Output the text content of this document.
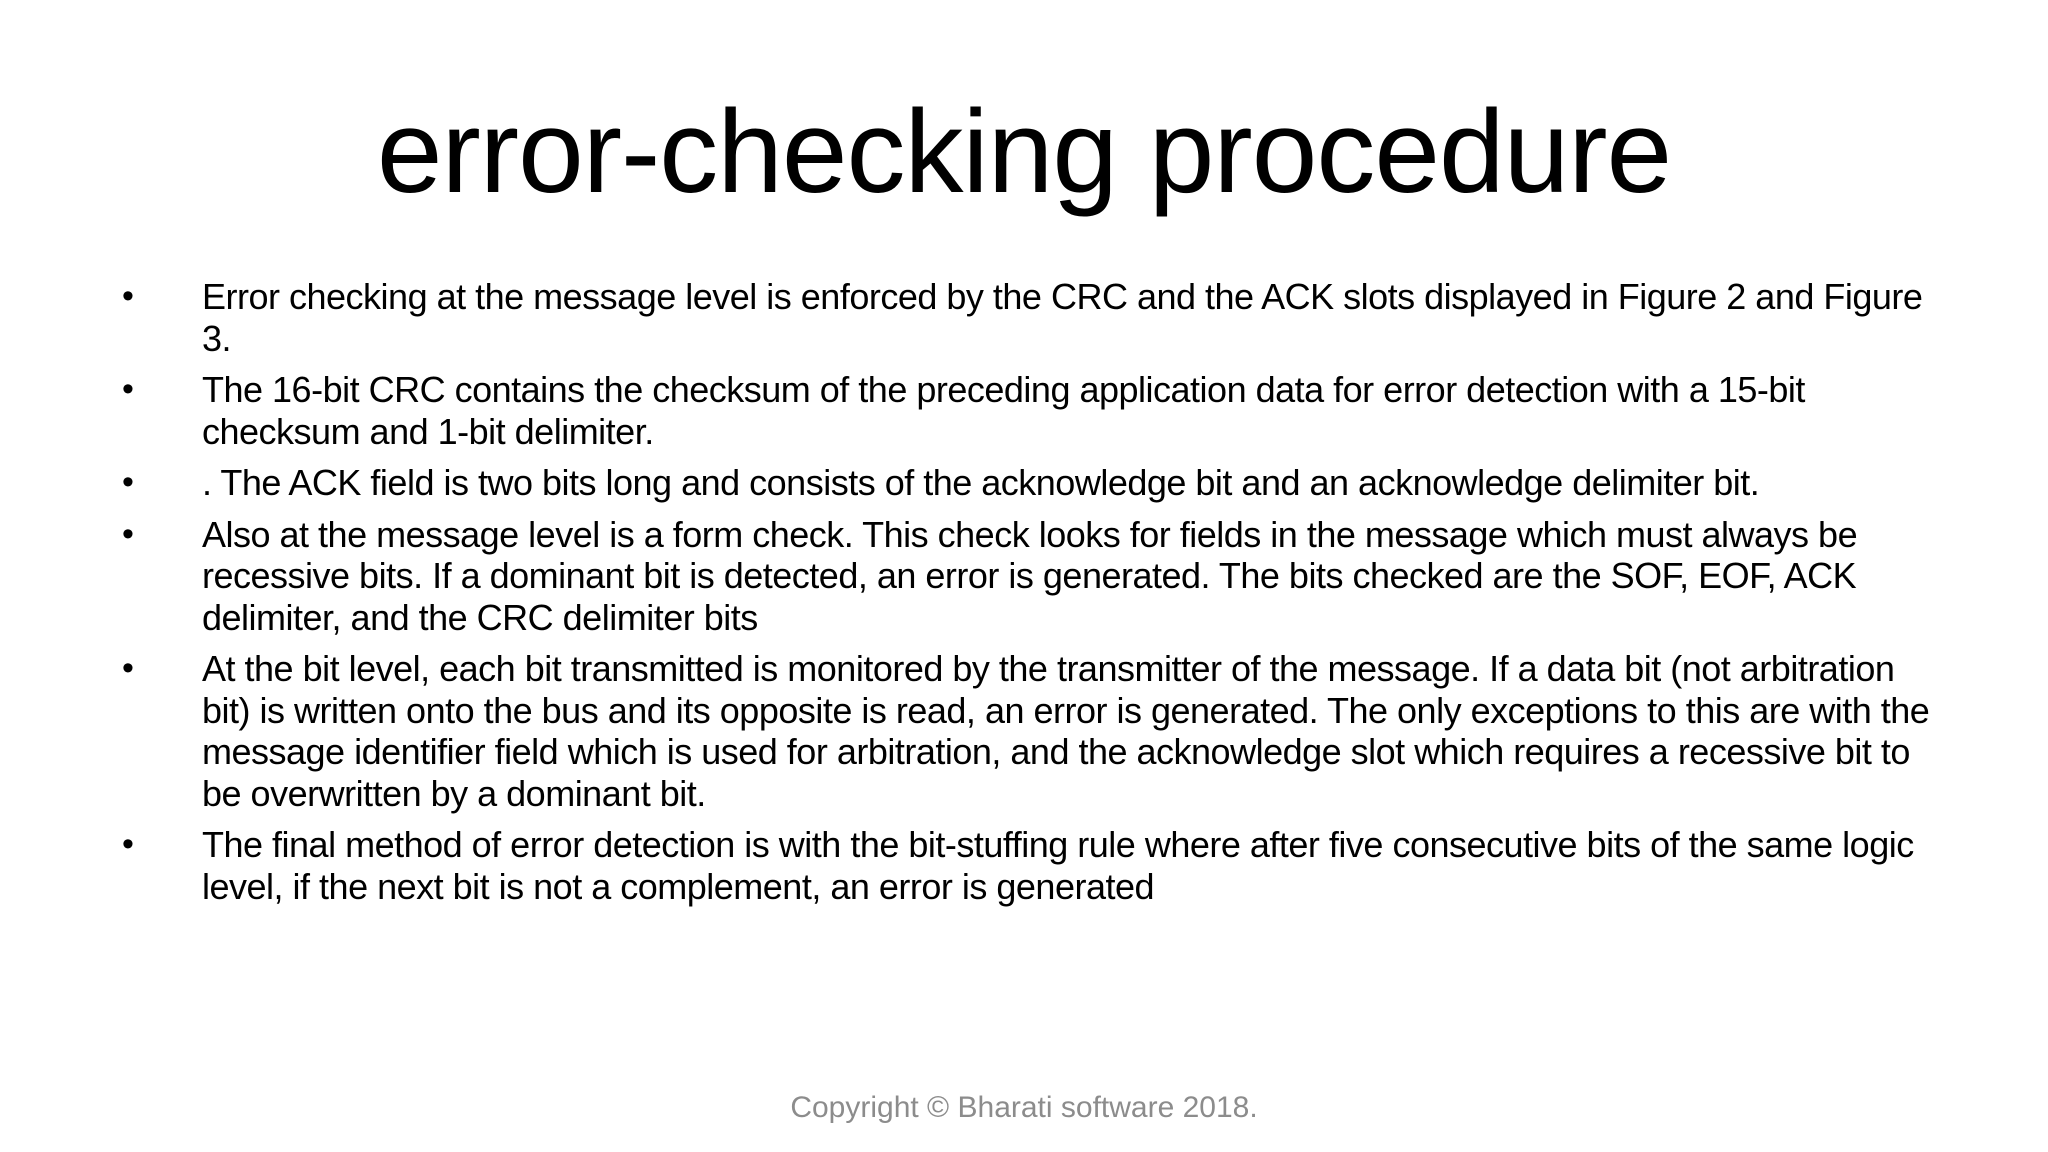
error-checking procedure
•	Error checking at the message level is enforced by the CRC and the ACK slots displayed in Figure 2 and Figure 3.
•	The 16-bit CRC contains the checksum of the preceding application data for error detection with a 15-bit checksum and 1-bit delimiter.
•	. The ACK field is two bits long and consists of the acknowledge bit and an acknowledge delimiter bit.
•	Also at the message level is a form check. This check looks for fields in the message which must always be recessive bits. If a dominant bit is detected, an error is generated. The bits checked are the SOF, EOF, ACK delimiter, and the CRC delimiter bits
•	At the bit level, each bit transmitted is monitored by the transmitter of the message. If a data bit (not arbitration bit) is written onto the bus and its opposite is read, an error is generated. The only exceptions to this are with the message identifier field which is used for arbitration, and the acknowledge slot which requires a recessive bit to be overwritten by a dominant bit.
•	The final method of error detection is with the bit-stuffing rule where after five consecutive bits of the same logic level, if the next bit is not a complement, an error is generated
Copyright © Bharati software 2018.
